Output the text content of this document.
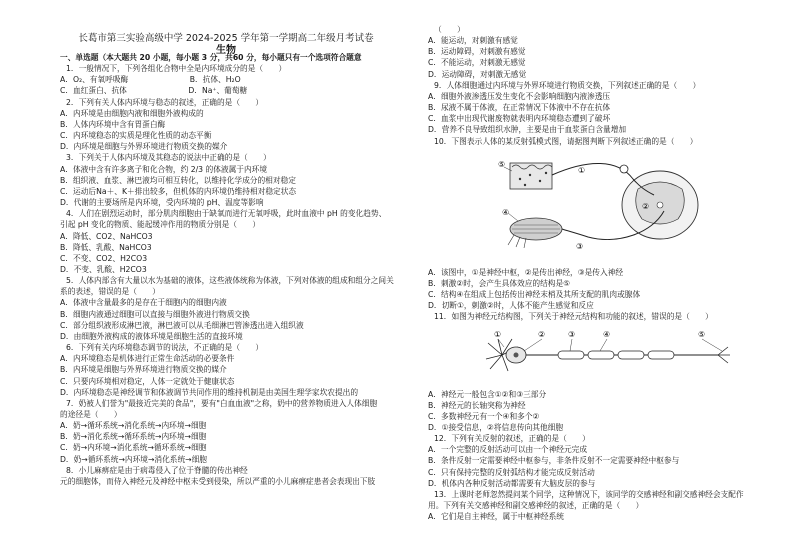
长葛市第三实验高级中学 2024-2025 学年第一学期高二年级月考试卷
生物
一、单选题（本大题共 20 小题，每小题 3 分，共60 分，每小题只有一个选项符合题意
1．一般情况下，下列各组化合物中全是内环境成分的是（　　）
A．O₂、有氧呼吸酶　　　　　　　　B．抗体、H₂O
C．血红蛋白、抗体　　　　　　　　D．Na⁺、葡萄糖
2．下列有关人体内环境与稳态的叙述，正确的是（　　）
A．内环境是由细胞内液和细胞外液构成的
B．人体内环境中含有胃蛋白酶
C．内环境稳态的实质是理化性质的动态平衡
D．内环境是细胞与外界环境进行物质交换的媒介
3．下列关于人体内环境及其稳态的说法中正确的是（　　）
A．体液中含有许多离子和化合物，约 2/3 的体液属于内环境
B．组织液、血浆、淋巴液均可相互转化，以维持化学成分的相对稳定
C．运动后Na＋、K＋排出较多，但机体的内环境仍维持相对稳定状态
D．代谢的主要场所是内环境，受内环境的 pH、温度等影响
4．人们在剧烈运动时，部分肌肉细胞由于缺氧而进行无氧呼吸，此时血液中 pH 的变化趋势、
引起 pH 变化的物质、能起缓冲作用的物质分别是（　　）
A．降低、CO2、NaHCO3
B．降低、乳酸、NaHCO3
C．不变、CO2、H2CO3
D．不变、乳酸、H2CO3
5．人体内部含有大量以水为基础的液体，这些液体统称为体液，下列对体液的组成和组分之间关
系的表述，错误的是（　　）
A．体液中含量最多的是存在于细胞内的细胞内液
B．细胞内液通过细胞可以直接与细胞外液进行物质交换
C．部分组织液形成淋巴液，淋巴液可以从毛细淋巴管渗透出进入组织液
D．由细胞外液构成的液体环境是细胞生活的直接环境
6．下列有关内环境稳态调节的说法，不正确的是（　　）
A．内环境稳态是机体进行正常生命活动的必要条件
B．内环境是细胞与外界环境进行物质交换的媒介
C．只要内环境相对稳定，人体一定就处于健康状态
D．内环境稳态是神经调节和体液调节共同作用的维持机制是由美国生理学家坎农提出的
7．奶被人们誉为"最接近完美的食品"，要有"白血血液"之称，奶中的营养物质进入人体细胞
的途径是（　　）
A．奶→循环系统→消化系统→内环境→细胞
B．奶→消化系统→循环系统→内环境→细胞
C．奶→内环境→消化系统→循环系统→细胞
D．奶→循环系统→内环境→消化系统→细胞
8．小儿麻痹症是由于病毒侵入了位于脊髓的传出神经
元的细胞体，而侍入神经元及神经中枢未受到侵染，所以严重的小儿麻痹症患者会表现出下肢
（　　）
A．能运动，对刺激有感觉
B．运动障碍，对刺激有感觉
C．不能运动，对刺激无感觉
D．运动障碍，对刺激无感觉
9．人体细胞通过内环境与外界环境进行物质交换，下列叙述正确的是（　　）
A．细胞外液渗透压发生变化不会影响细胞内液渗透压
B．尿液不属于体液，在正常情况下体液中不存在抗体
C．血浆中出现代谢废物就表明内环境稳态遭到了破坏
D．营养不良导致组织水肿，主要是由于血浆蛋白含量增加
10．下图表示人体的某反射弧模式图，请据图判断下列叙述正确的是（　　）
⑤
④
③
②
①
A．该图中，①是神经中枢，②是传出神经，③是传入神经
B．刺激②时，会产生具体效应的结构是⑤
C．结构④在组成上包括传出神经末梢及其所支配的肌肉或腺体
D．切断①，刺激②时，人体不能产生感觉和反应
11．如图为神经元结构图，下列关于神经元结构和功能的叙述，错误的是（　　）
①	②	③	④	⑤
A．神经元一般包含①②和③三部分
B．神经元的长轴突称为神经
C．多数神经元有一个④和多个②
D．①接受信息，②将信息传向其他细胞
12．下列有关反射的叙述，正确的是（　　）
A．一个完整的反射活动可以由一个神经元完成
B．条件反射一定需要神经中枢参与，非条件反射不一定需要神经中枢参与
C．只有保持完整的反射弧结构才能完成反射活动
D．机体内各种反射活动都需要有大脑皮层的参与
13．上课时老师忽然提问某个同学，这种情况下，该同学的交感神经和副交感神经会支配作
用。下列有关交感神经和副交感神经的叙述，正确的是（　　）
A．它们是自主神经，属于中枢神经系统
